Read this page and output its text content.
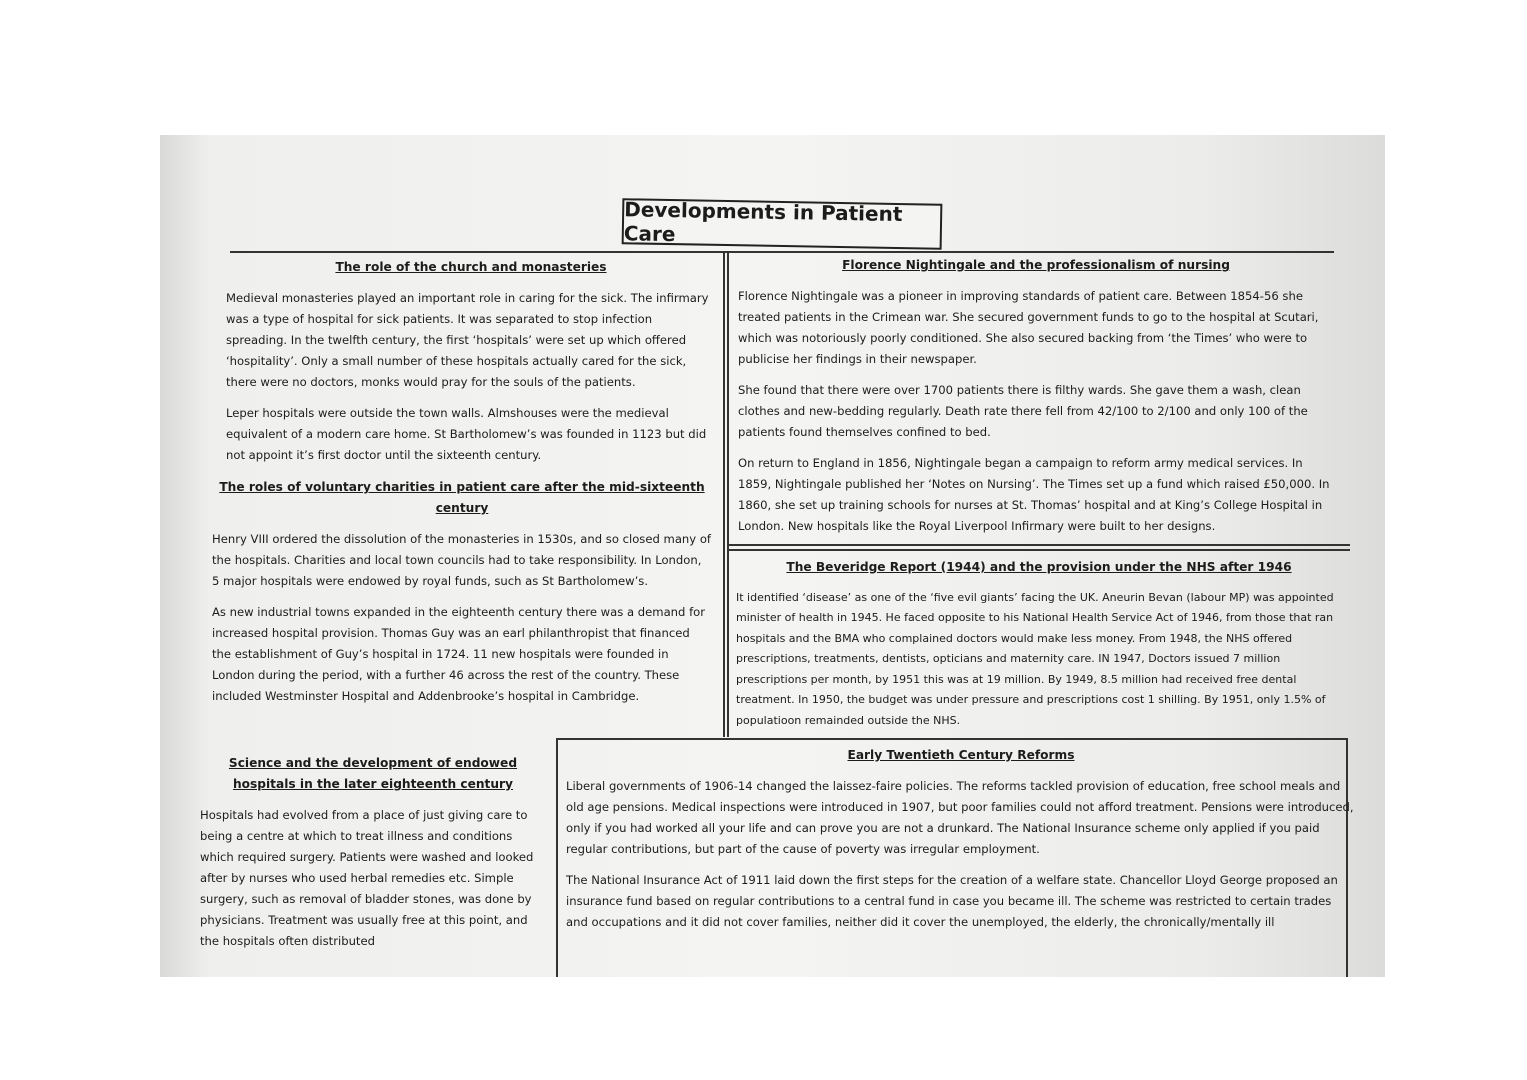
Developments in Patient Care
The role of the church and monasteries

Medieval monasteries played an important role in caring for the sick. The infirmary was a type of hospital for sick patients. It was separated to stop infection spreading. In the twelfth century, the first ‘hospitals’ were set up which offered ‘hospitality’. Only a small number of these hospitals actually cared for the sick, there were no doctors, monks would pray for the souls of the patients.

Leper hospitals were outside the town walls. Almshouses were the medieval equivalent of a modern care home. St Bartholomew’s was founded in 1123 but did not appoint it’s first doctor until the sixteenth century.

The roles of voluntary charities in patient care after the mid-sixteenth century

Henry VIII ordered the dissolution of the monasteries in 1530s, and so closed many of the hospitals. Charities and local town councils had to take responsibility. In London, 5 major hospitals were endowed by royal funds, such as St Bartholomew’s.

As new industrial towns expanded in the eighteenth century there was a demand for increased hospital provision. Thomas Guy was an earl philanthropist that financed the establishment of Guy’s hospital in 1724. 11 new hospitals were founded in London during the period, with a further 46 across the rest of the country. These included Westminster Hospital and Addenbrooke’s hospital in Cambridge.

Science and the development of endowed hospitals in the later eighteenth century

Hospitals had evolved from a place of just giving care to being a centre at which to treat illness and conditions which required surgery. Patients were washed and looked after by nurses who used herbal remedies etc. Simple surgery, such as removal of bladder stones, was done by physicians. Treatment was usually free at this point, and the hospitals often distributed

Florence Nightingale and the professionalism of nursing

Florence Nightingale was a pioneer in improving standards of patient care. Between 1854-56 she treated patients in the Crimean war. She secured government funds to go to the hospital at Scutari, which was notoriously poorly conditioned. She also secured backing from ‘the Times’ who were to publicise her findings in their newspaper.

She found that there were over 1700 patients there is filthy wards. She gave them a wash, clean clothes and new-bedding regularly. Death rate there fell from 42/100 to 2/100 and only 100 of the patients found themselves confined to bed.

On return to England in 1856, Nightingale began a campaign to reform army medical services. In 1859, Nightingale published her ‘Notes on Nursing’. The Times set up a fund which raised £50,000. In 1860, she set up training schools for nurses at St. Thomas’ hospital and at King’s College Hospital in London. New hospitals like the Royal Liverpool Infirmary were built to her designs.

The Beveridge Report (1944) and the provision under the NHS after 1946

It identified ‘disease’ as one of the ‘five evil giants’ facing the UK. Aneurin Bevan (labour MP) was appointed minister of health in 1945. He faced opposite to his National Health Service Act of 1946, from those that ran hospitals and the BMA who complained doctors would make less money. From 1948, the NHS offered prescriptions, treatments, dentists, opticians and maternity care. IN 1947, Doctors issued 7 million prescriptions per month, by 1951 this was at 19 million. By 1949, 8.5 million had received free dental treatment. In 1950, the budget was under pressure and prescriptions cost 1 shilling. By 1951, only 1.5% of populatioon remainded outside the NHS.

Early Twentieth Century Reforms

Liberal governments of 1906-14 changed the laissez-faire policies. The reforms tackled provision of education, free school meals and old age pensions. Medical inspections were introduced in 1907, but poor families could not afford treatment. Pensions were introduced, only if you had worked all your life and can prove you are not a drunkard. The National Insurance scheme only applied if you paid regular contributions, but part of the cause of poverty was irregular employment.

The National Insurance Act of 1911 laid down the first steps for the creation of a welfare state. Chancellor Lloyd George proposed an insurance fund based on regular contributions to a central fund in case you became ill. The scheme was restricted to certain trades and occupations and it did not cover families, neither did it cover the unemployed, the elderly, the chronically/mentally ill
